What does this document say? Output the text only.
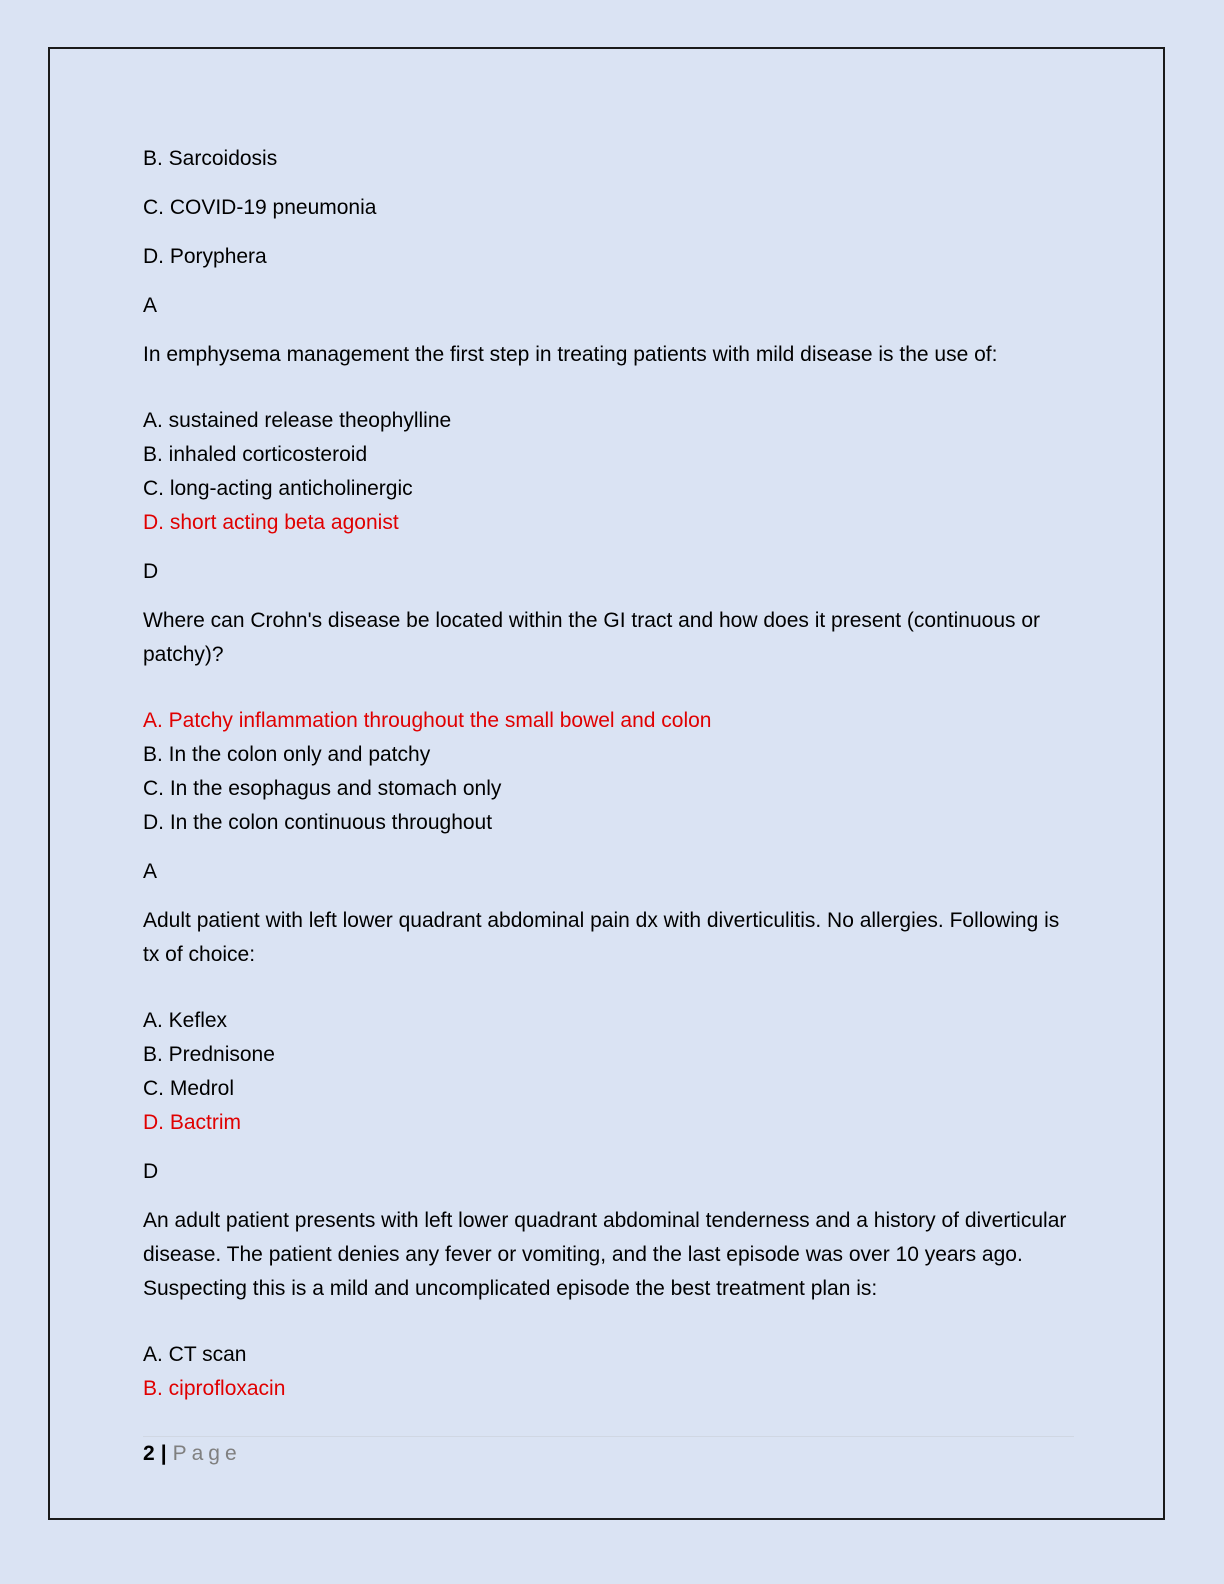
B. Sarcoidosis

C. COVID-19 pneumonia

D. Poryphera

A

In emphysema management the first step in treating patients with mild disease is the use of:

A. sustained release theophylline

B. inhaled corticosteroid

C. long-acting anticholinergic

D. short acting beta agonist

D

Where can Crohn's disease be located within the GI tract and how does it present (continuous or patchy)?

A. Patchy inflammation throughout the small bowel and colon

B. In the colon only and patchy

C. In the esophagus and stomach only

D. In the colon continuous throughout

A

Adult patient with left lower quadrant abdominal pain dx with diverticulitis. No allergies. Following is tx of choice:

A. Keflex

B. Prednisone

C. Medrol

D. Bactrim

D

An adult patient presents with left lower quadrant abdominal tenderness and a history of diverticular disease. The patient denies any fever or vomiting, and the last episode was over 10 years ago. Suspecting this is a mild and uncomplicated episode the best treatment plan is:

A. CT scan

B. ciprofloxacin

2 | Page
